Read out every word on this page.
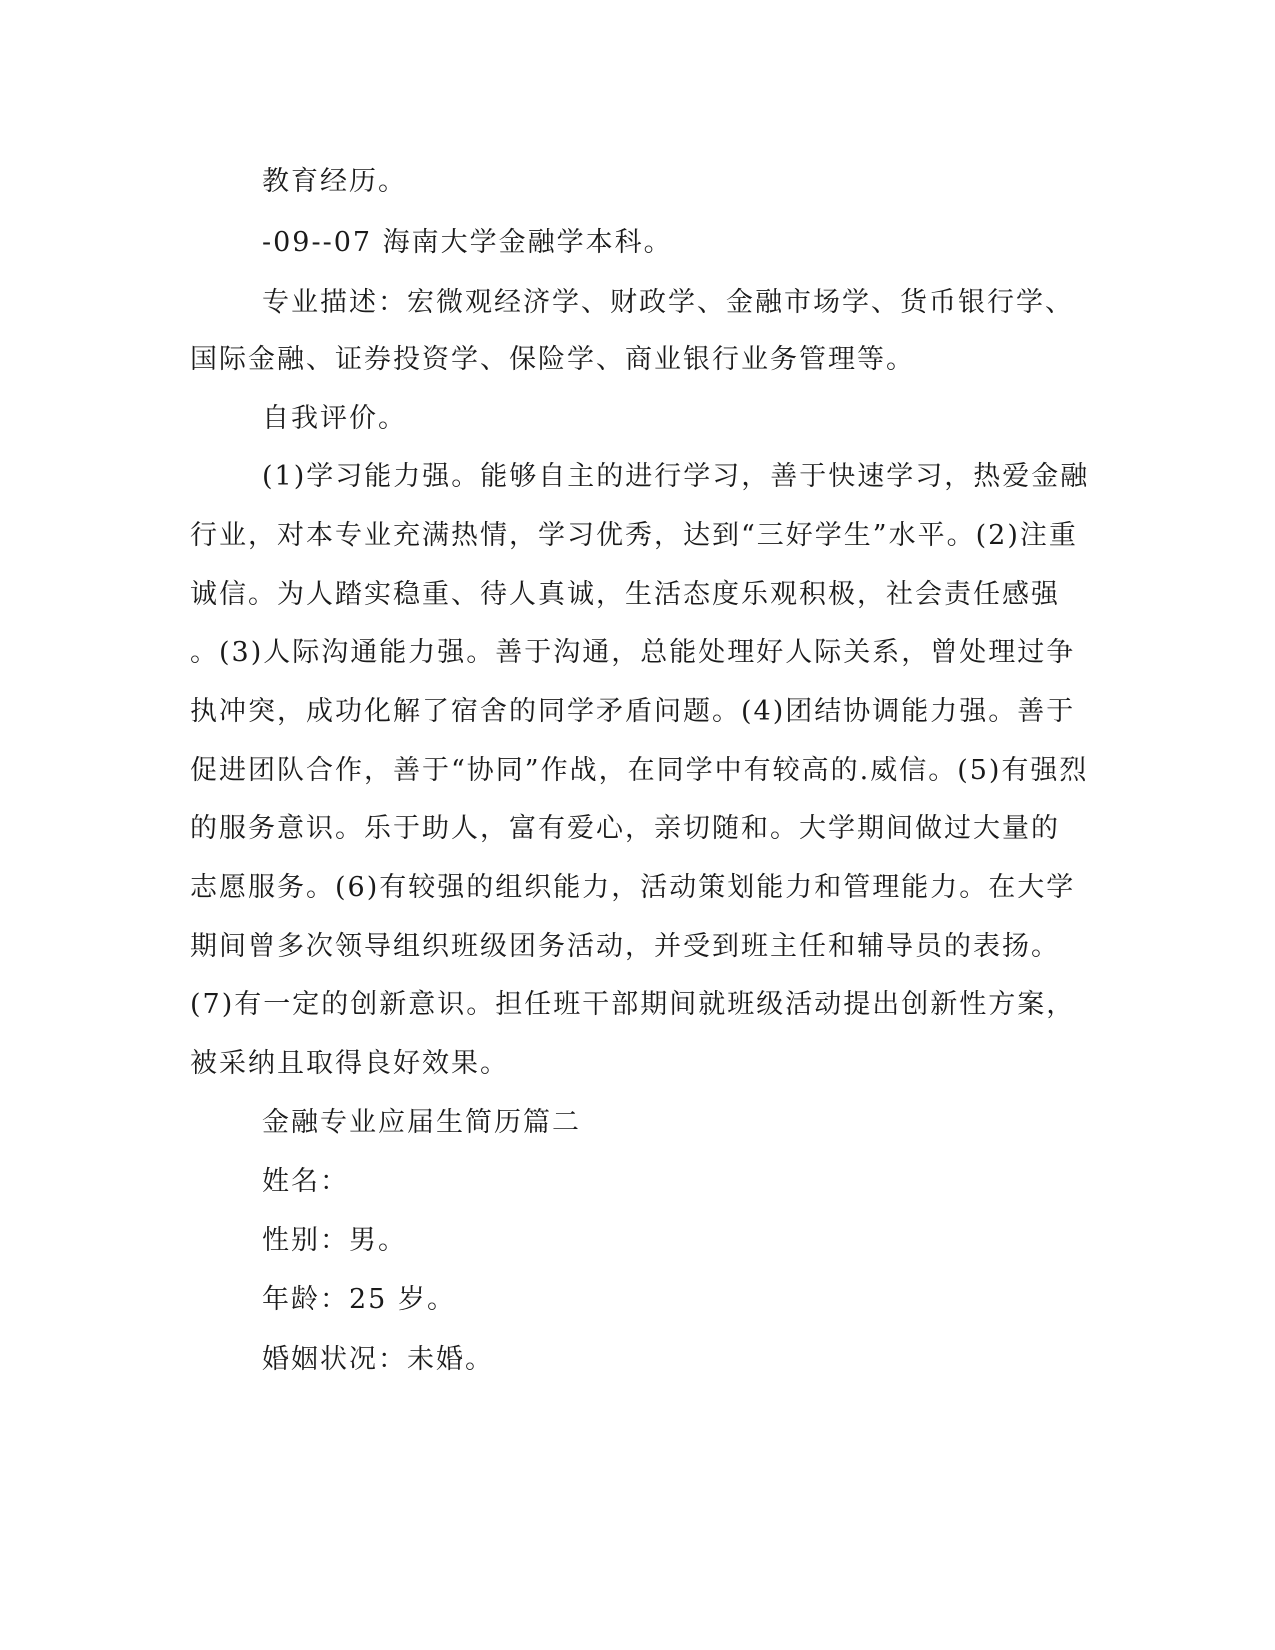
教育经历。
-09--07 海南大学金融学本科。
专业描述：宏微观经济学、财政学、金融市场学、货币银行学、
国际金融、证券投资学、保险学、商业银行业务管理等。
自我评价。
(1)学习能力强。能够自主的进行学习，善于快速学习，热爱金融
行业，对本专业充满热情，学习优秀，达到“三好学生”水平。(2)注重
诚信。为人踏实稳重、待人真诚，生活态度乐观积极，社会责任感强
。(3)人际沟通能力强。善于沟通，总能处理好人际关系，曾处理过争
执冲突，成功化解了宿舍的同学矛盾问题。(4)团结协调能力强。善于
促进团队合作，善于“协同”作战，在同学中有较高的.威信。(5)有强烈
的服务意识。乐于助人，富有爱心，亲切随和。大学期间做过大量的
志愿服务。(6)有较强的组织能力，活动策划能力和管理能力。在大学
期间曾多次领导组织班级团务活动，并受到班主任和辅导员的表扬。
(7)有一定的创新意识。担任班干部期间就班级活动提出创新性方案，
被采纳且取得良好效果。
金融专业应届生简历篇二
姓名：
性别：男。
年龄：25 岁。
婚姻状况：未婚。
